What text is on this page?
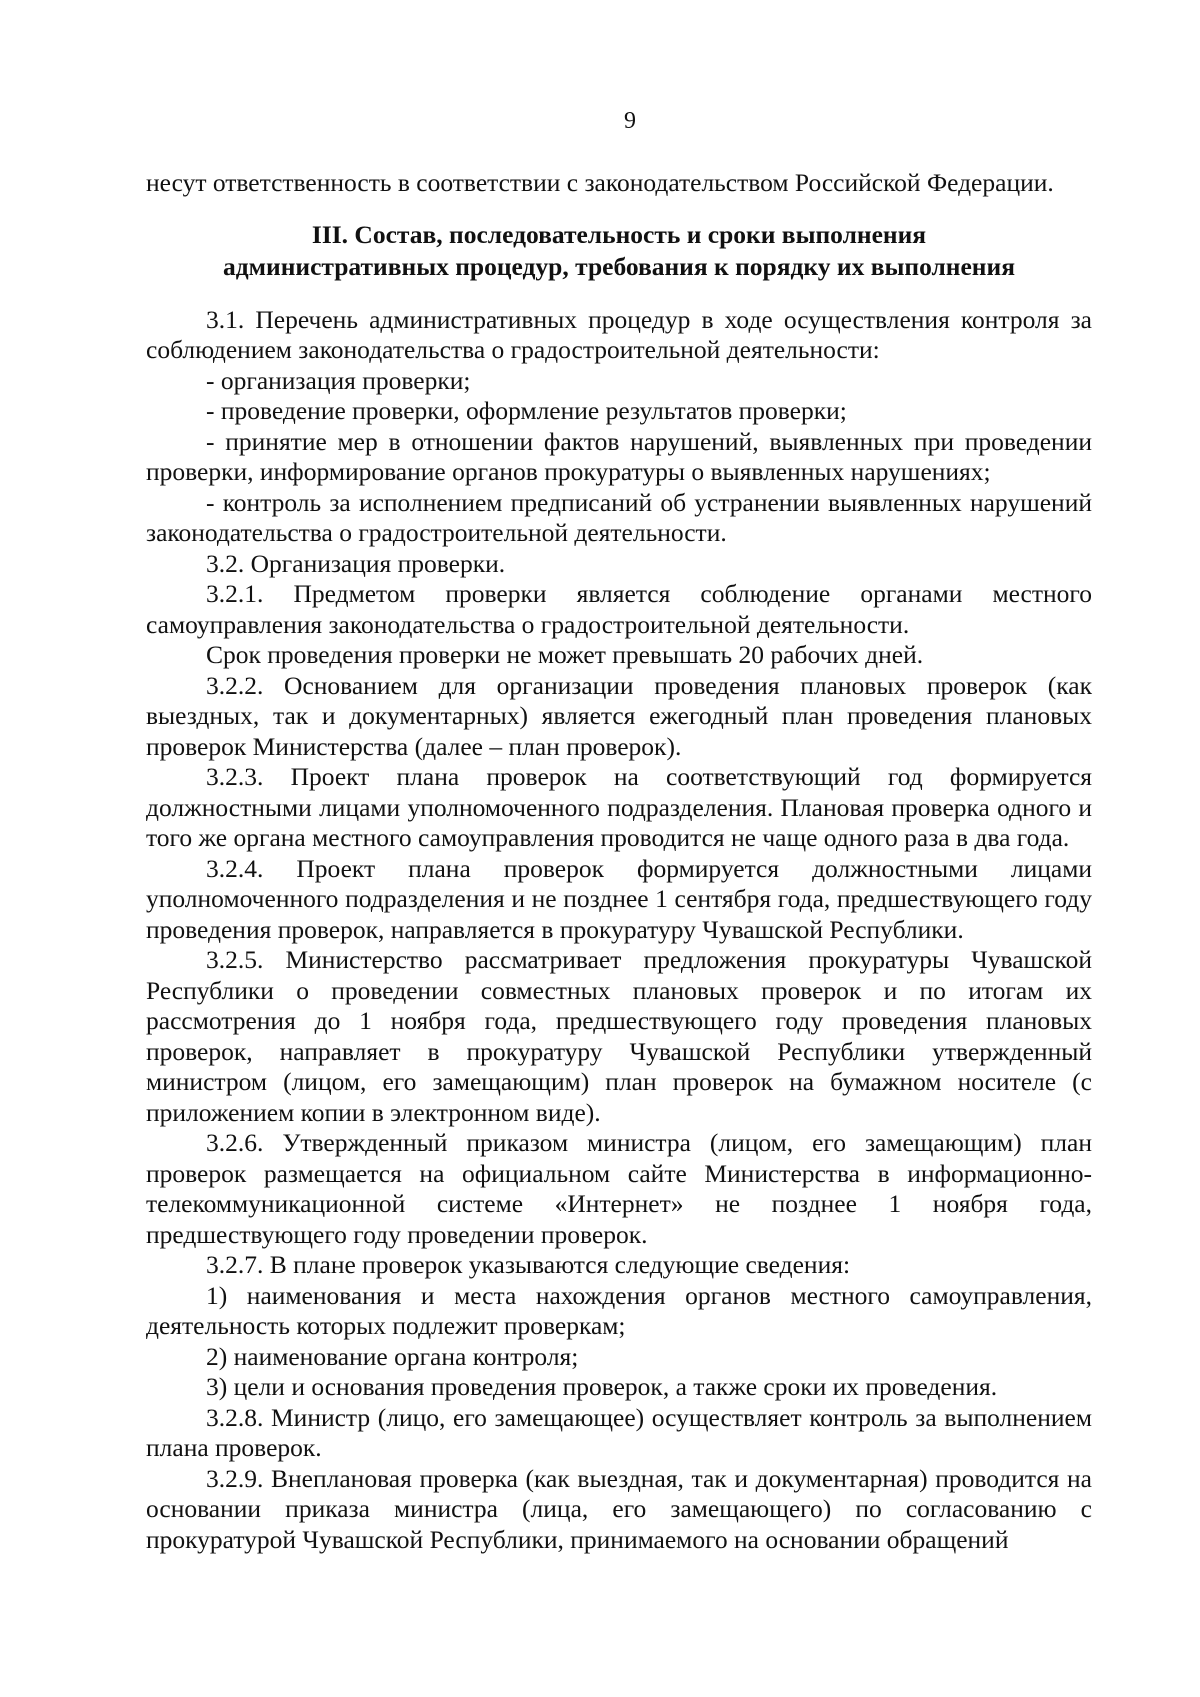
9

несут ответственность в соответствии с законодательством Российской Федерации.

III. Состав, последовательность и сроки выполнения
административных процедур, требования к порядку их выполнения

3.1. Перечень административных процедур в ходе осуществления контроля за соблюдением законодательства о градостроительной деятельности:

- организация проверки;

- проведение проверки, оформление результатов проверки;

- принятие мер в отношении фактов нарушений, выявленных при проведении проверки, информирование органов прокуратуры о выявленных нарушениях;

- контроль за исполнением предписаний об устранении выявленных нарушений законодательства о градостроительной деятельности.

3.2. Организация проверки.

3.2.1. Предметом проверки является соблюдение органами местного самоуправления законодательства о градостроительной деятельности.

Срок проведения проверки не может превышать 20 рабочих дней.

3.2.2. Основанием для организации проведения плановых проверок (как выездных, так и документарных) является ежегодный план проведения плановых проверок Министерства (далее – план проверок).

3.2.3. Проект плана проверок на соответствующий год формируется должностными лицами уполномоченного подразделения. Плановая проверка одного и того же органа местного самоуправления проводится не чаще одного раза в два года.

3.2.4. Проект плана проверок формируется должностными лицами уполномоченного подразделения и не позднее 1 сентября года, предшествующего году проведения проверок, направляется в прокуратуру Чувашской Республики.

3.2.5. Министерство рассматривает предложения прокуратуры Чувашской Республики о проведении совместных плановых проверок и по итогам их рассмотрения до 1 ноября года, предшествующего году проведения плановых проверок, направляет в прокуратуру Чувашской Республики утвержденный министром (лицом, его замещающим) план проверок на бумажном носителе (с приложением копии в электронном виде).

3.2.6. Утвержденный приказом министра (лицом, его замещающим) план проверок размещается на официальном сайте Министерства в информационно-телекоммуникационной системе «Интернет» не позднее 1 ноября года, предшествующего году проведении проверок.

3.2.7. В плане проверок указываются следующие сведения:

1) наименования и места нахождения органов местного самоуправления, деятельность которых подлежит проверкам;

2) наименование органа контроля;

3) цели и основания проведения проверок, а также сроки их проведения.

3.2.8. Министр (лицо, его замещающее) осуществляет контроль за выполнением плана проверок.

3.2.9. Внеплановая проверка (как выездная, так и документарная) проводится на основании приказа министра (лица, его замещающего) по согласованию с прокуратурой Чувашской Республики, принимаемого на основании обращений
